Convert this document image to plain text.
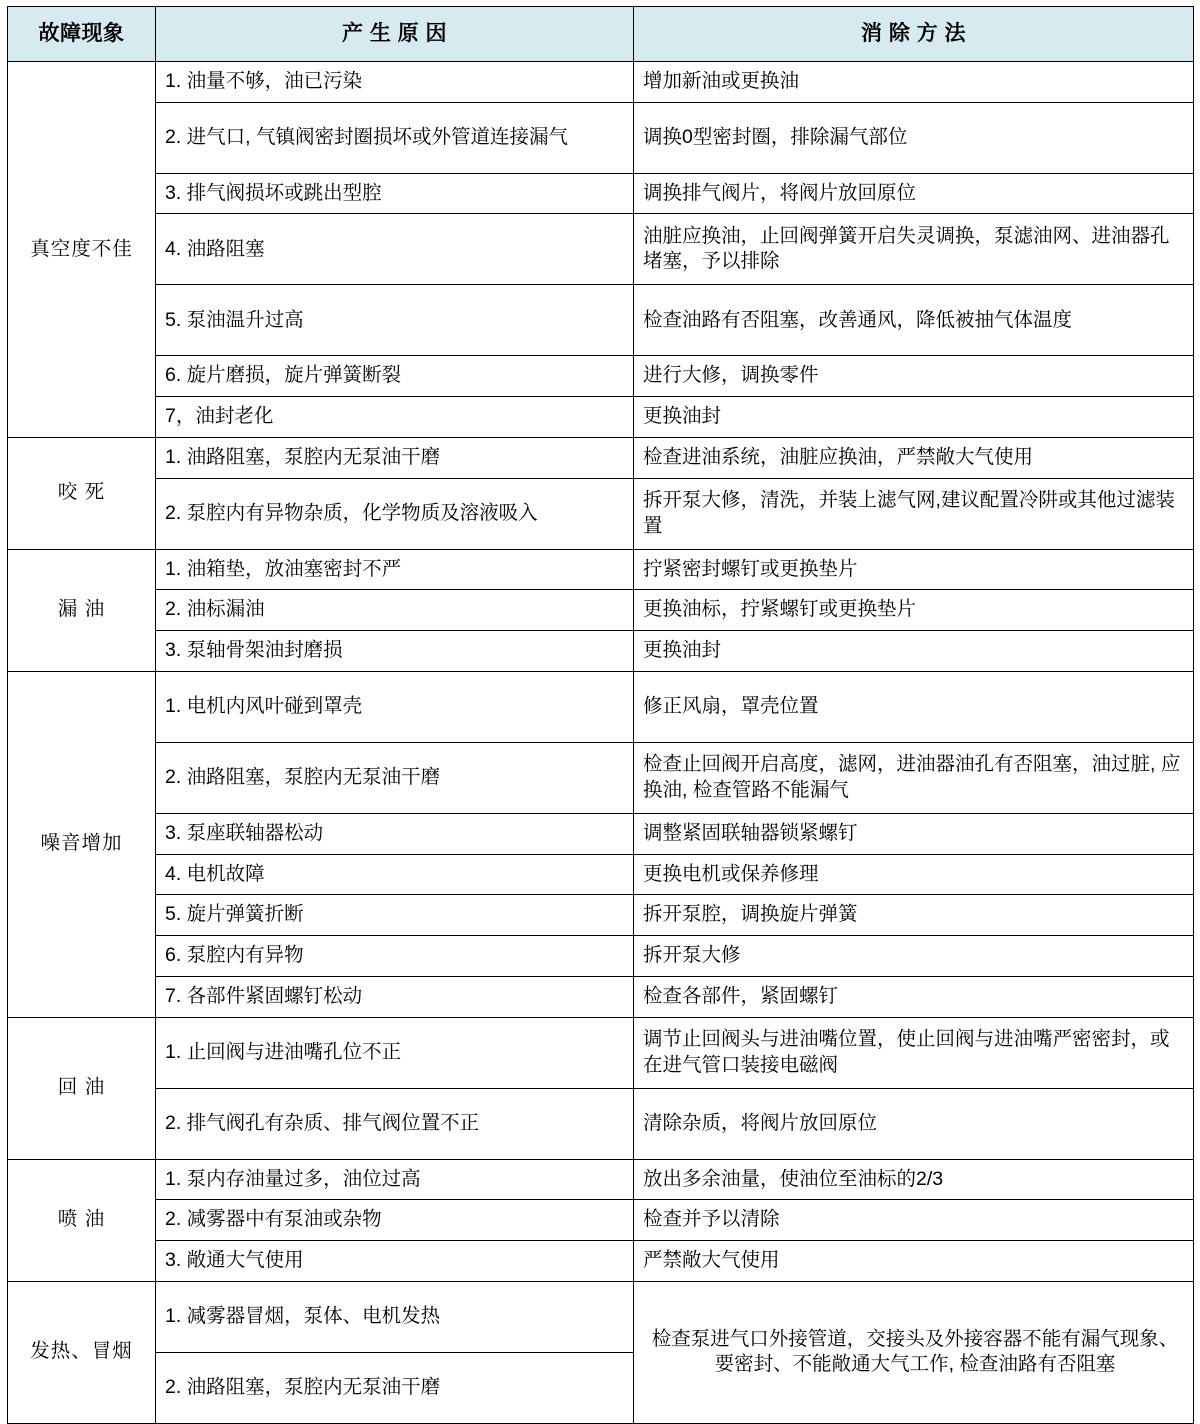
故障现象	产 生 原 因	消 除 方 法
真空度不佳	1. 油量不够，油已污染	增加新油或更换油
	2. 进气口, 气镇阀密封圈损坏或外管道连接漏气	调换0型密封圈，排除漏气部位
	3. 排气阀损坏或跳出型腔	调换排气阀片，将阀片放回原位
	4. 油路阻塞	油脏应换油，止回阀弹簧开启失灵调换，泵滤油网、进油器孔堵塞，予以排除
	5. 泵油温升过高	检查油路有否阻塞，改善通风，降低被抽气体温度
	6. 旋片磨损，旋片弹簧断裂	进行大修，调换零件
	7，油封老化	更换油封
咬 死	1. 油路阻塞，泵腔内无泵油干磨	检查进油系统，油脏应换油，严禁敞大气使用
	2. 泵腔内有异物杂质，化学物质及溶液吸入	拆开泵大修，清洗，并装上滤气网,建议配置冷阱或其他过滤装置
漏 油	1. 油箱垫，放油塞密封不严	拧紧密封螺钉或更换垫片
	2. 油标漏油	更换油标，拧紧螺钉或更换垫片
	3. 泵轴骨架油封磨损	更换油封
噪音增加	1. 电机内风叶碰到罩壳	修正风扇，罩壳位置
	2. 油路阻塞，泵腔内无泵油干磨	检查止回阀开启高度，滤网，进油器油孔有否阻塞，油过脏, 应换油, 检查管路不能漏气
	3. 泵座联轴器松动	调整紧固联轴器锁紧螺钉
	4. 电机故障	更换电机或保养修理
	5. 旋片弹簧折断	拆开泵腔，调换旋片弹簧
	6. 泵腔内有异物	拆开泵大修
	7. 各部件紧固螺钉松动	检查各部件，紧固螺钉
回 油	1. 止回阀与进油嘴孔位不正	调节止回阀头与进油嘴位置，使止回阀与进油嘴严密密封，或在进气管口装接电磁阀
	2. 排气阀孔有杂质、排气阀位置不正	清除杂质，将阀片放回原位
喷 油	1. 泵内存油量过多，油位过高	放出多余油量，使油位至油标的2/3
	2. 减雾器中有泵油或杂物	检查并予以清除
	3. 敞通大气使用	严禁敞大气使用
发热、冒烟	1. 减雾器冒烟，泵体、电机发热	检查泵进气口外接管道，交接头及外接容器不能有漏气现象、要密封、不能敞通大气工作, 检查油路有否阻塞
	2. 油路阻塞，泵腔内无泵油干磨	
